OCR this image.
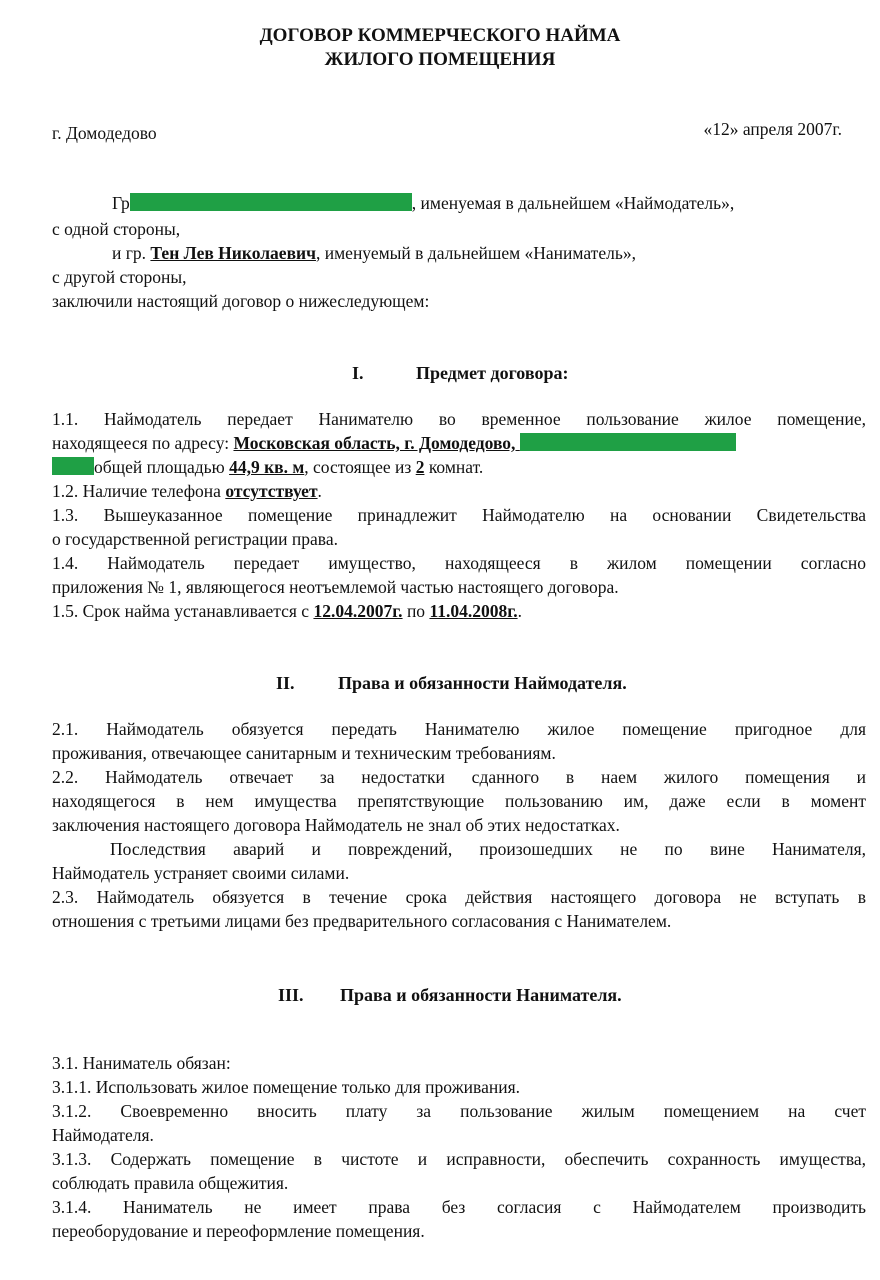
ДОГОВОР КОММЕРЧЕСКОГО НАЙМА
ЖИЛОГО ПОМЕЩЕНИЯ
г. Домодедово	«12» апреля 2007г.
Гр	, именуемая в дальнейшем «Наймодатель»,
с одной стороны,
и гр. Тен Лев Николаевич, именуемый в дальнейшем «Наниматель»,
с другой стороны,
заключили настоящий договор о нижеследующем:
I.	Предмет договора:
1.1. Наймодатель передает Нанимателю во временное пользование жилое помещение,
находящееся по адресу: Московская область, г. Домодедово,
общей площадью 44,9 кв. м, состоящее из 2 комнат.
1.2. Наличие телефона отсутствует.
1.3. Вышеуказанное помещение принадлежит Наймодателю на основании Свидетельства
о государственной регистрации права.
1.4. Наймодатель передает имущество, находящееся в жилом помещении согласно
приложения № 1, являющегося неотъемлемой частью настоящего договора.
1.5. Срок найма устанавливается с 12.04.2007г. по 11.04.2008г..
II. Права и обязанности Наймодателя.
2.1. Наймодатель обязуется передать Нанимателю жилое помещение пригодное для
проживания, отвечающее санитарным и техническим требованиям.
2.2. Наймодатель отвечает за недостатки сданного в наем жилого помещения и
находящегося в нем имущества препятствующие пользованию им, даже если в момент
заключения настоящего договора Наймодатель не знал об этих недостатках.
Последствия аварий и повреждений, произошедших не по вине Нанимателя,
Наймодатель устраняет своими силами.
2.3. Наймодатель обязуется в течение срока действия настоящего договора не вступать в
отношения с третьими лицами без предварительного согласования с Нанимателем.
III. Права и обязанности Нанимателя.
3.1. Наниматель обязан:
3.1.1. Использовать жилое помещение только для проживания.
3.1.2. Своевременно вносить плату за пользование жилым помещением на счет
Наймодателя.
3.1.3. Содержать помещение в чистоте и исправности, обеспечить сохранность имущества,
соблюдать правила общежития.
3.1.4. Наниматель не имеет права без согласия с Наймодателем производить
переоборудование и переоформление помещения.
